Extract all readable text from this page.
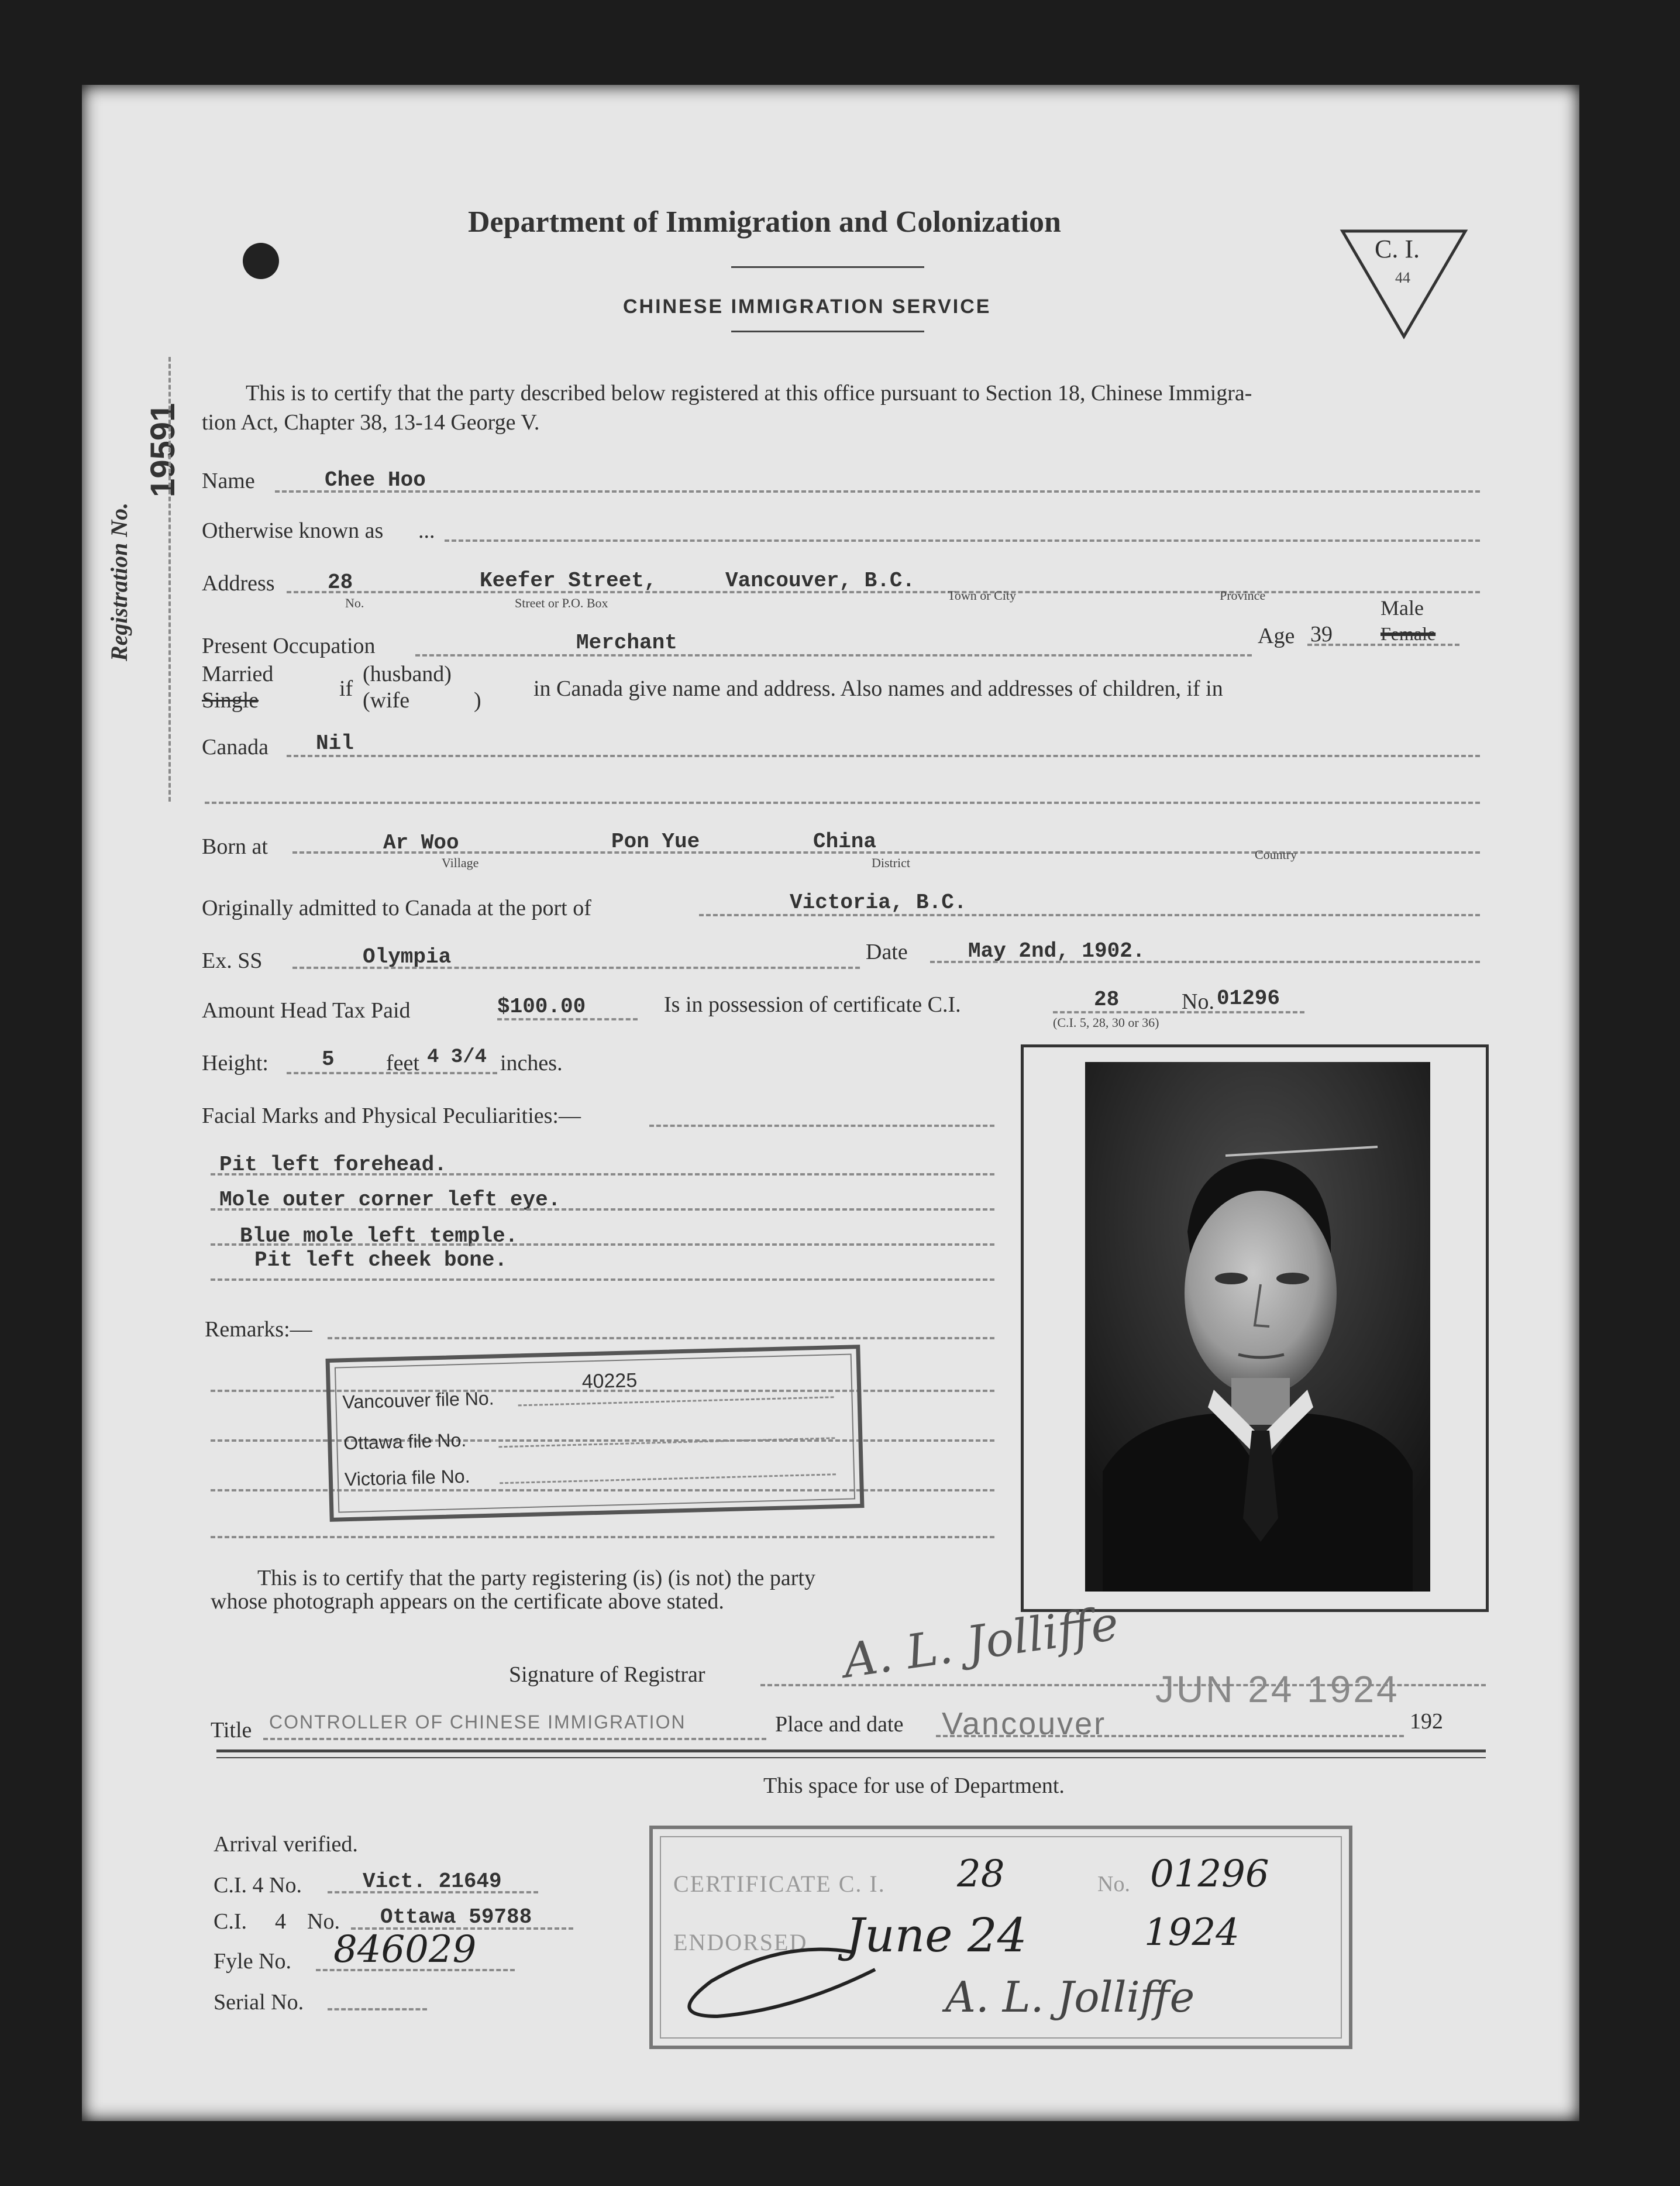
Department of Immigration and Colonization
CHINESE IMMIGRATION SERVICE
C. I.
44
19591
Registration No.
This is to certify that the party described below registered at this office pursuant to Section 18, Chinese Immigra-
tion Act, Chapter 38, 13-14 George V.
Name	Chee Hoo
Otherwise known as ...
Address	28	Keefer Street,	Vancouver, B.C.
No.	Street or P.O. Box
Town or City	Province
Present Occupation	Merchant	Age 39
Male
Female
Married
Single	if
(husband)
(wife	) in Canada give name and address. Also names and addresses of children, if in
Canada Nil
Born at	Ar Woo	Pon Yue	China
Village	District
Country
Originally admitted to Canada at the port of	Victoria, B.C.
Ex. SS	Olympia	Date	May 2nd, 1902.
Amount Head Tax Paid	$100.00	Is in possession of certificate C.I.	28	No. 01296
(C.I. 5, 28, 30 or 36)
Height:	5 feet 4 3/4 inches.
Facial Marks and Physical Peculiarities:—
Pit left forehead.
Mole outer corner left eye.
Blue mole left temple.
Pit left cheek bone.
Remarks:—
Vancouver file No.
40225
Ottawa file No.
Victoria file No.
This is to certify that the party registering (is) (is not) the party
whose photograph appears on the certificate above stated.
Signature of Registrar	A. L. Jolliffe
Title CONTROLLER OF CHINESE IMMIGRATION	Place and date Vancouver
JUN 24 1924
192
This space for use of Department.
Arrival verified.
C.I. 4 No.	Vict. 21649
C.I. 4 No. Ottawa 59788
Fyle No. 846029
Serial No.
CERTIFICATE C. I. 28	No. 01296
ENDORSED June 24	1924
A. L. Jolliffe
